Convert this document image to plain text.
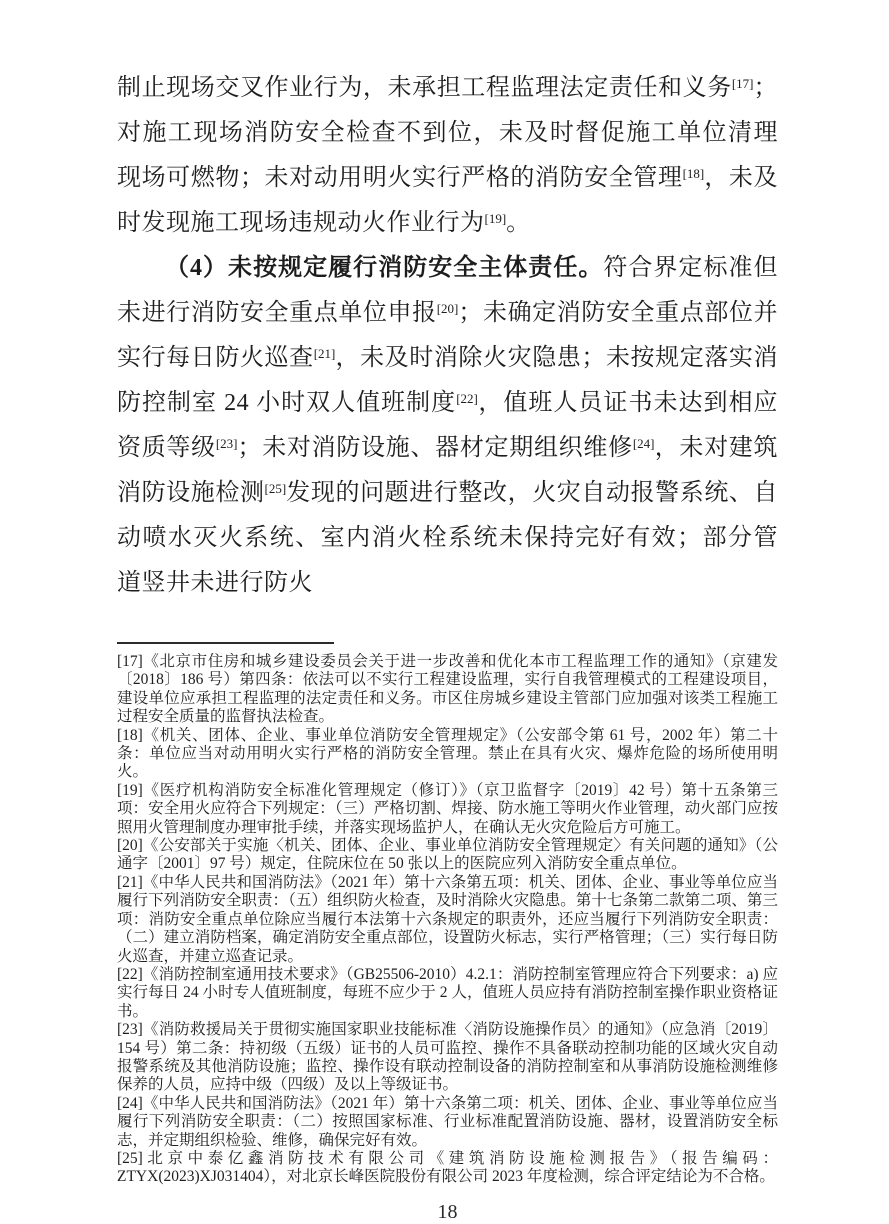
制止现场交叉作业行为，未承担工程监理法定责任和义务[17]；对施工现场消防安全检查不到位，未及时督促施工单位清理现场可燃物；未对动用明火实行严格的消防安全管理[18]，未及时发现施工现场违规动火作业行为[19]。

（4）未按规定履行消防安全主体责任。符合界定标准但未进行消防安全重点单位申报[20]；未确定消防安全重点部位并实行每日防火巡查[21]，未及时消除火灾隐患；未按规定落实消防控制室 24 小时双人值班制度[22]，值班人员证书未达到相应资质等级[23]；未对消防设施、器材定期组织维修[24]，未对建筑消防设施检测[25]发现的问题进行整改，火灾自动报警系统、自动喷水灭火系统、室内消火栓系统未保持完好有效；部分管道竖井未进行防火

[17]《北京市住房和城乡建设委员会关于进一步改善和优化本市工程监理工作的通知》（京建发〔2018〕186 号）第四条：依法可以不实行工程建设监理，实行自我管理模式的工程建设项目，建设单位应承担工程监理的法定责任和义务。市区住房城乡建设主管部门应加强对该类工程施工过程安全质量的监督执法检查。

[18]《机关、团体、企业、事业单位消防安全管理规定》（公安部令第 61 号，2002 年）第二十条：单位应当对动用明火实行严格的消防安全管理。禁止在具有火灾、爆炸危险的场所使用明火。

[19]《医疗机构消防安全标准化管理规定（修订）》（京卫监督字〔2019〕42 号）第十五条第三项：安全用火应符合下列规定：（三）严格切割、焊接、防水施工等明火作业管理，动火部门应按照用火管理制度办理审批手续，并落实现场监护人，在确认无火灾危险后方可施工。

[20]《公安部关于实施〈机关、团体、企业、事业单位消防安全管理规定〉有关问题的通知》（公通字〔2001〕97 号）规定，住院床位在 50 张以上的医院应列入消防安全重点单位。

[21]《中华人民共和国消防法》（2021 年）第十六条第五项：机关、团体、企业、事业等单位应当履行下列消防安全职责：（五）组织防火检查，及时消除火灾隐患。第十七条第二款第二项、第三项：消防安全重点单位除应当履行本法第十六条规定的职责外，还应当履行下列消防安全职责：（二）建立消防档案，确定消防安全重点部位，设置防火标志，实行严格管理；（三）实行每日防火巡查，并建立巡查记录。

[22]《消防控制室通用技术要求》（GB25506-2010）4.2.1：消防控制室管理应符合下列要求：a) 应实行每日 24 小时专人值班制度，每班不应少于 2 人，值班人员应持有消防控制室操作职业资格证书。

[23]《消防救援局关于贯彻实施国家职业技能标准〈消防设施操作员〉的通知》（应急消〔2019〕154 号）第二条：持初级（五级）证书的人员可监控、操作不具备联动控制功能的区域火灾自动报警系统及其他消防设施；监控、操作设有联动控制设备的消防控制室和从事消防设施检测维修保养的人员，应持中级（四级）及以上等级证书。

[24]《中华人民共和国消防法》（2021 年）第十六条第二项：机关、团体、企业、事业等单位应当履行下列消防安全职责：（二）按照国家标准、行业标准配置消防设施、器材，设置消防安全标志，并定期组织检验、维修，确保完好有效。

[25]北京中泰亿鑫消防技术有限公司《建筑消防设施检测报告》（报告编码：ZTYX(2023)XJ031404），对北京长峰医院股份有限公司 2023 年度检测，综合评定结论为不合格。

18
